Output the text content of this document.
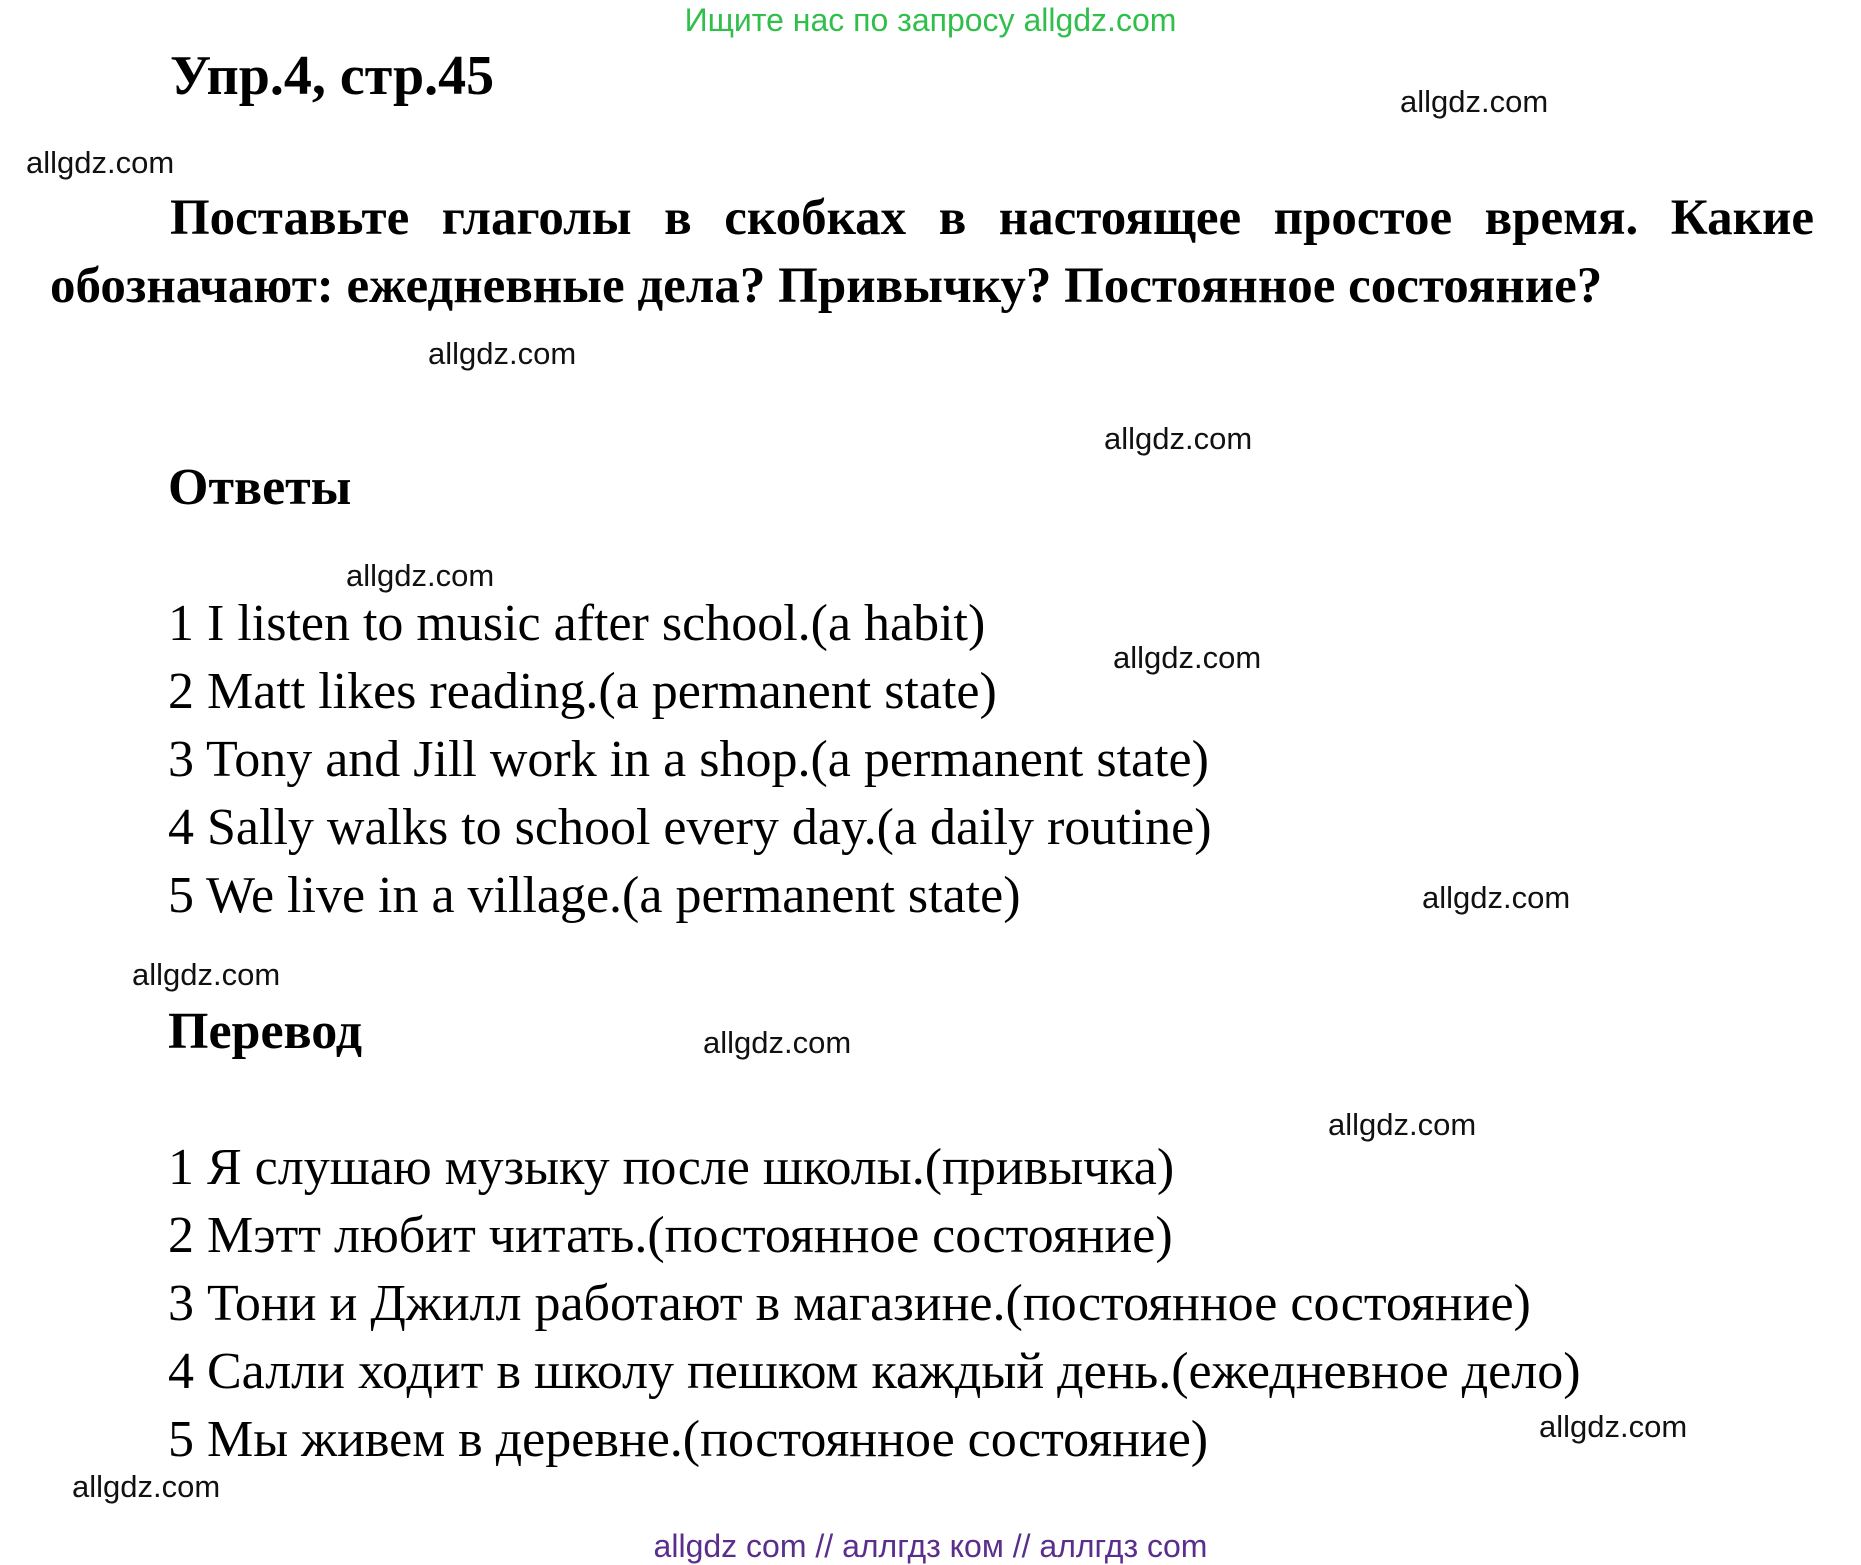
Ищите нас по запросу allgdz.com
Упр.4, стр.45
Поставьте глаголы в скобках в настоящее простое время. Какие обозначают: ежедневные дела? Привычку? Постоянное состояние?
Ответы
1 I listen to music after school.(a habit)
2 Matt likes reading.(a permanent state)
3 Tony and Jill work in a shop.(a permanent state)
4 Sally walks to school every day.(a daily routine)
5 We live in a village.(a permanent state)
Перевод
1 Я слушаю музыку после школы.(привычка)
2 Мэтт любит читать.(постоянное состояние)
3 Тони и Джилл работают в магазине.(постоянное состояние)
4 Салли ходит в школу пешком каждый день.(ежедневное дело)
5 Мы живем в деревне.(постоянное состояние)
allgdz.com
allgdz.com
allgdz.com
allgdz.com
allgdz.com
allgdz.com
allgdz.com
allgdz.com
allgdz.com
allgdz.com
allgdz.com
allgdz.com
allgdz com // аллгдз ком // аллгдз com
